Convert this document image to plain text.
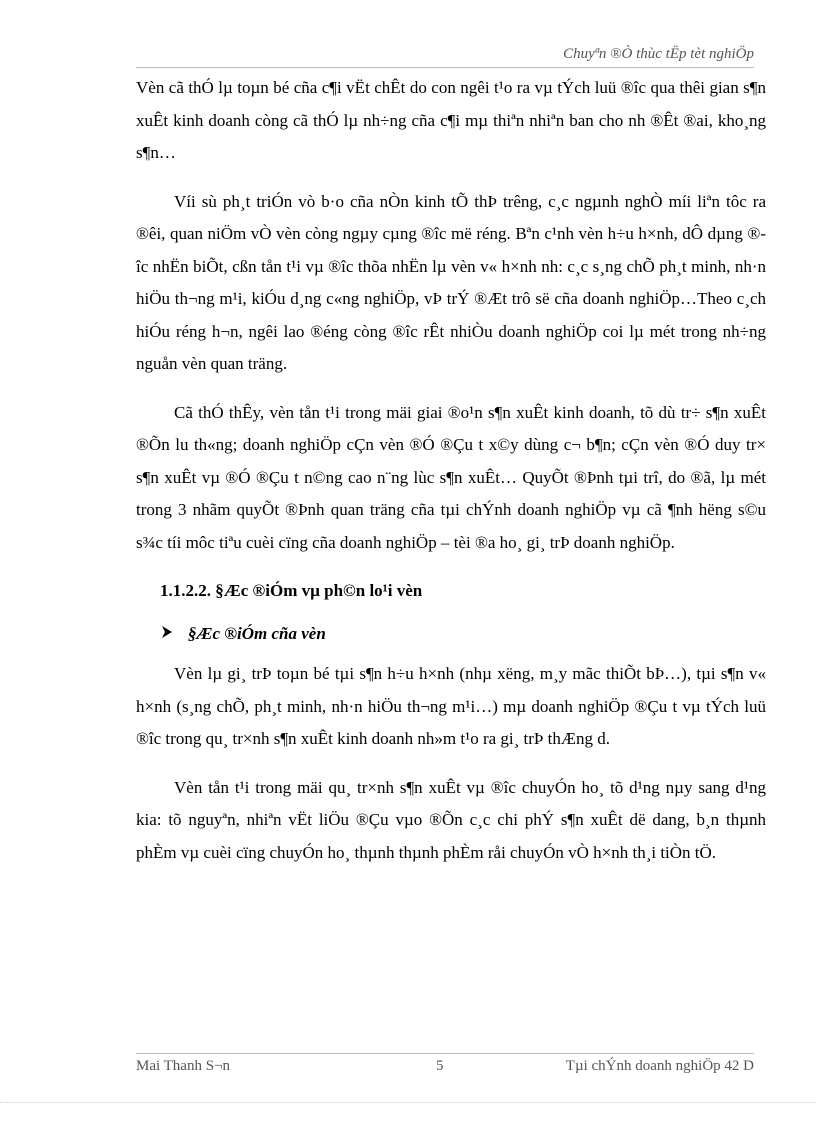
Chuyªn ®Ò thùc tËp tèt nghiÖp

Vèn cã thÓ lµ toµn bé cña c¶i vËt chÊt do con ngêi t¹o ra vµ tÝch luü ®îc qua thêi gian s¶n xuÊt kinh doanh còng cã thÓ lµ nh÷ng cña c¶i mµ thiªn nhiªn ban cho nh ®Êt ®ai, kho¸ng s¶n…

Víi sù ph¸t triÓn vò b·o cña nÒn kinh tÕ thÞ trêng, c¸c ngµnh nghÒ míi liªn tôc ra ®êi, quan niÖm vÒ vèn còng ngµy cµng ®îc më réng. Bªn c¹nh vèn h÷u h×nh, dÔ dµng ®îc nhËn biÕt, cßn tån t¹i vµ ®îc thõa nhËn lµ vèn v« h×nh nh: c¸c s¸ng chÕ ph¸t minh, nh·n hiÖu th¬ng m¹i, kiÓu d¸ng c«ng nghiÖp, vÞ trÝ ®Æt trô së cña doanh nghiÖp…Theo c¸ch hiÓu réng h¬n, ngêi lao ®éng còng ®îc rÊt nhiÒu doanh nghiÖp coi lµ mét trong nh÷ng nguån vèn quan träng.

Cã thÓ thÊy, vèn tån t¹i trong mäi giai ®o¹n s¶n xuÊt kinh doanh, tõ dù tr÷ s¶n xuÊt ®Õn lu th«ng; doanh nghiÖp cÇn vèn ®Ó ®Çu t x©y dùng c¬ b¶n; cÇn vèn ®Ó duy tr× s¶n xuÊt vµ ®Ó ®Çu t n©ng cao n¨ng lùc s¶n xuÊt… QuyÕt ®Þnh tµi trî, do ®ã, lµ mét trong 3 nhãm quyÕt ®Þnh quan träng cña tµi chÝnh doanh nghiÖp vµ cã ¶nh hëng s©u s¾c tíi môc tiªu cuèi cïng cña doanh nghiÖp – tèi ®a ho¸ gi¸ trÞ doanh nghiÖp.

1.1.2.2. §Æc ®iÓm vµ ph©n lo¹i vèn
§Æc ®iÓm cña vèn

Vèn lµ gi¸ trÞ toµn bé tµi s¶n h÷u h×nh (nhµ xëng, m¸y mãc thiÕt bÞ…), tµi s¶n v« h×nh (s¸ng chÕ, ph¸t minh, nh·n hiÖu th¬ng m¹i…) mµ doanh nghiÖp ®Çu t vµ tÝch luü ®îc trong qu¸ tr×nh s¶n xuÊt kinh doanh nh»m t¹o ra gi¸ trÞ thÆng d.

Vèn tån t¹i trong mäi qu¸ tr×nh s¶n xuÊt vµ ®îc chuyÓn ho¸ tõ d¹ng nµy sang d¹ng kia: tõ nguyªn, nhiªn vËt liÖu ®Çu vµo ®Õn c¸c chi phÝ s¶n xuÊt dë dang, b¸n thµnh phÈm vµ cuèi cïng chuyÓn ho¸ thµnh thµnh phÈm råi chuyÓn vÒ h×nh th¸i tiÒn tÖ.

Mai Thanh S¬n	5	Tµi chÝnh doanh nghiÖp 42 D
